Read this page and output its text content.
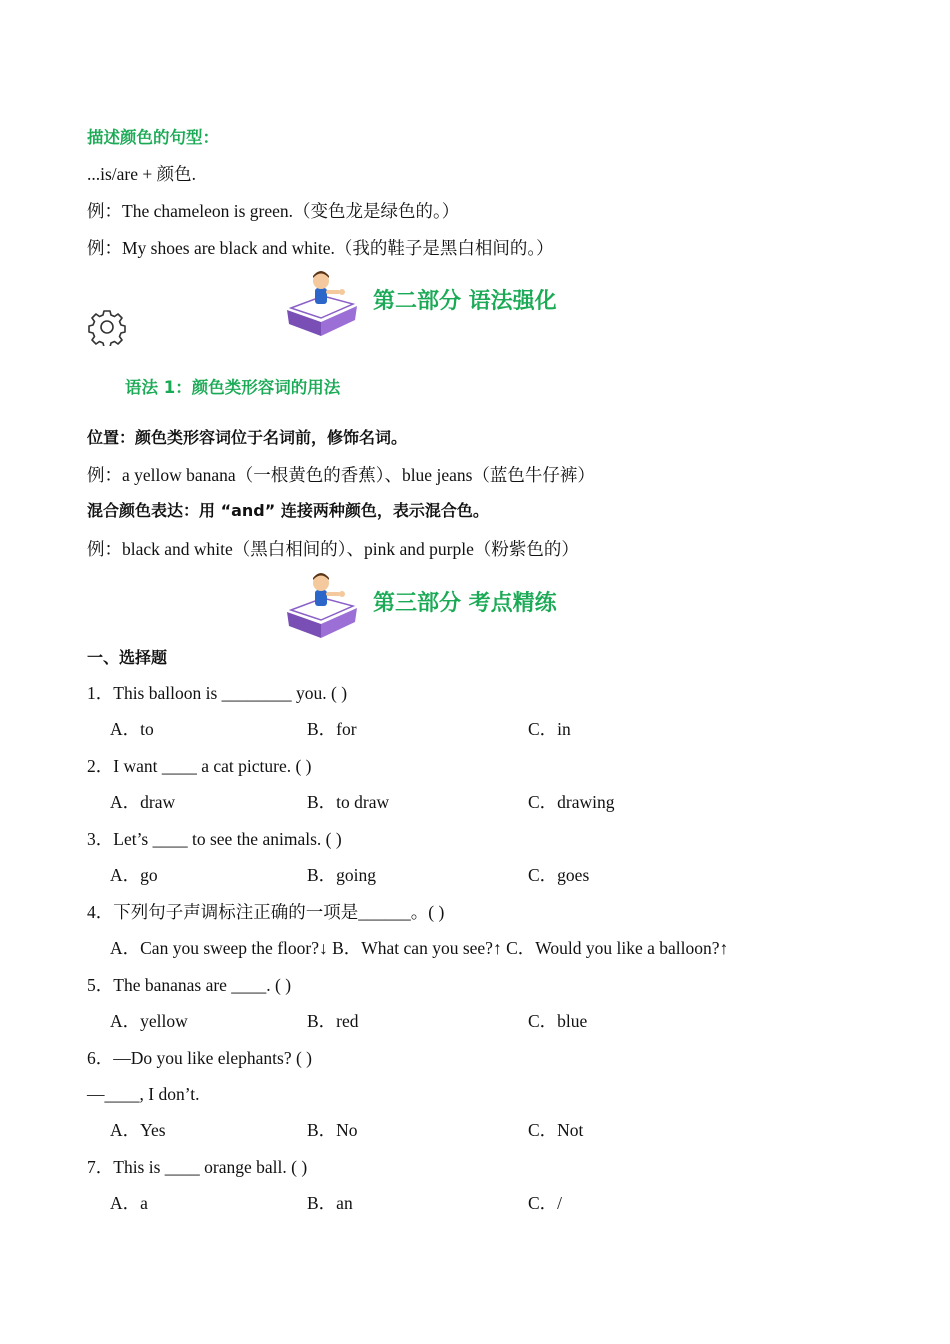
描述颜色的句型：
...is/are + 颜色.
例：The chameleon is green.（变色龙是绿色的。）
例：My shoes are black and white.（我的鞋子是黑白相间的。）
第二部分 语法强化
语法 1：颜色类形容词的用法
位置：颜色类形容词位于名词前，修饰名词。
例：a yellow banana（一根黄色的香蕉）、blue jeans（蓝色牛仔裤）
混合颜色表达：用 “and” 连接两种颜色，表示混合色。
例：black and white（黑白相间的）、pink and purple（粉紫色的）
第三部分 考点精练
一、选择题
1．This balloon is ________ you. ( )
A．to	B．for	C．in
2．I want ____ a cat picture. ( )
A．draw	B．to draw	C．drawing
3．Let’s ____ to see the animals. ( )
A．go	B．going	C．goes
4．下列句子声调标注正确的一项是______。( )
A．Can you sweep the floor?↓ B．What can you see?↑ C．Would you like a balloon?↑
5．The bananas are ____. ( )
A．yellow	B．red	C．blue
6．—Do you like elephants? ( )
—____, I don’t.
A．Yes	B．No	C．Not
7．This is ____ orange ball. ( )
A．a	B．an	C．/
